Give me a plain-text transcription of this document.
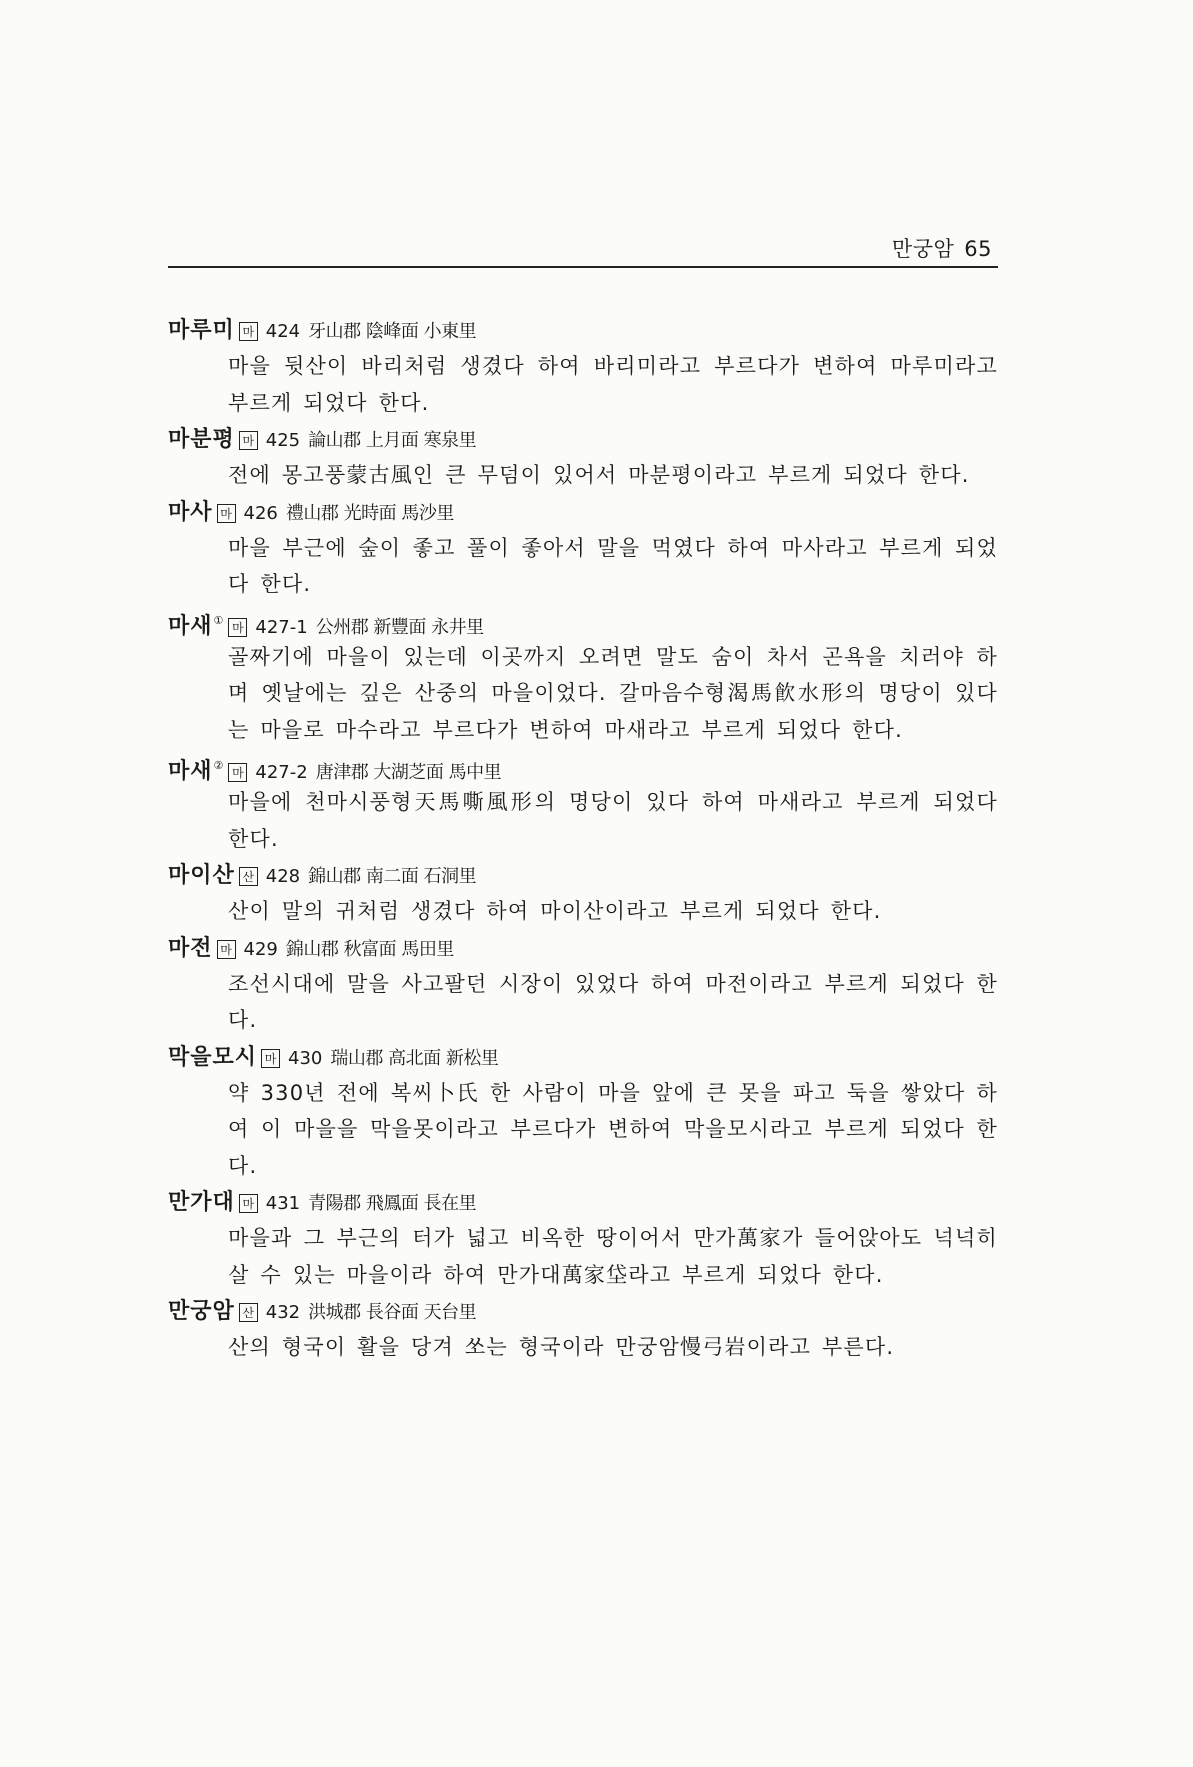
만궁암 65
마루미 마 424 牙山郡 陰峰面 小東里

마을 뒷산이 바리처럼 생겼다 하여 바리미라고 부르다가 변하여 마루미라고 부르게 되었다 한다.

마분평 마 425 論山郡 上月面 寒泉里

전에 몽고풍蒙古風인 큰 무덤이 있어서 마분평이라고 부르게 되었다 한다.

마사 마 426 禮山郡 光時面 馬沙里

마을 부근에 숲이 좋고 풀이 좋아서 말을 먹였다 하여 마사라고 부르게 되었다 한다.

마새①마 427-1 公州郡 新豐面 永井里

골짜기에 마을이 있는데 이곳까지 오려면 말도 숨이 차서 곤욕을 치러야 하며 옛날에는 깊은 산중의 마을이었다. 갈마음수형渴馬飮水形의 명당이 있다는 마을로 마수라고 부르다가 변하여 마새라고 부르게 되었다 한다.

마새②마 427-2 唐津郡 大湖芝面 馬中里

마을에 천마시풍형天馬嘶風形의 명당이 있다 하여 마새라고 부르게 되었다 한다.

마이산 산 428 錦山郡 南二面 石洞里

산이 말의 귀처럼 생겼다 하여 마이산이라고 부르게 되었다 한다.

마전 마 429 錦山郡 秋富面 馬田里

조선시대에 말을 사고팔던 시장이 있었다 하여 마전이라고 부르게 되었다 한다.

막을모시 마 430 瑞山郡 高北面 新松里

약 330년 전에 복씨卜氏 한 사람이 마을 앞에 큰 못을 파고 둑을 쌓았다 하여 이 마을을 막을못이라고 부르다가 변하여 막을모시라고 부르게 되었다 한다.

만가대 마 431 青陽郡 飛鳳面 長在里

마을과 그 부근의 터가 넓고 비옥한 땅이어서 만가萬家가 들어앉아도 넉넉히 살 수 있는 마을이라 하여 만가대萬家垈라고 부르게 되었다 한다.

만궁암 산 432 洪城郡 長谷面 天台里

산의 형국이 활을 당겨 쏘는 형국이라 만궁암慢弓岩이라고 부른다.
